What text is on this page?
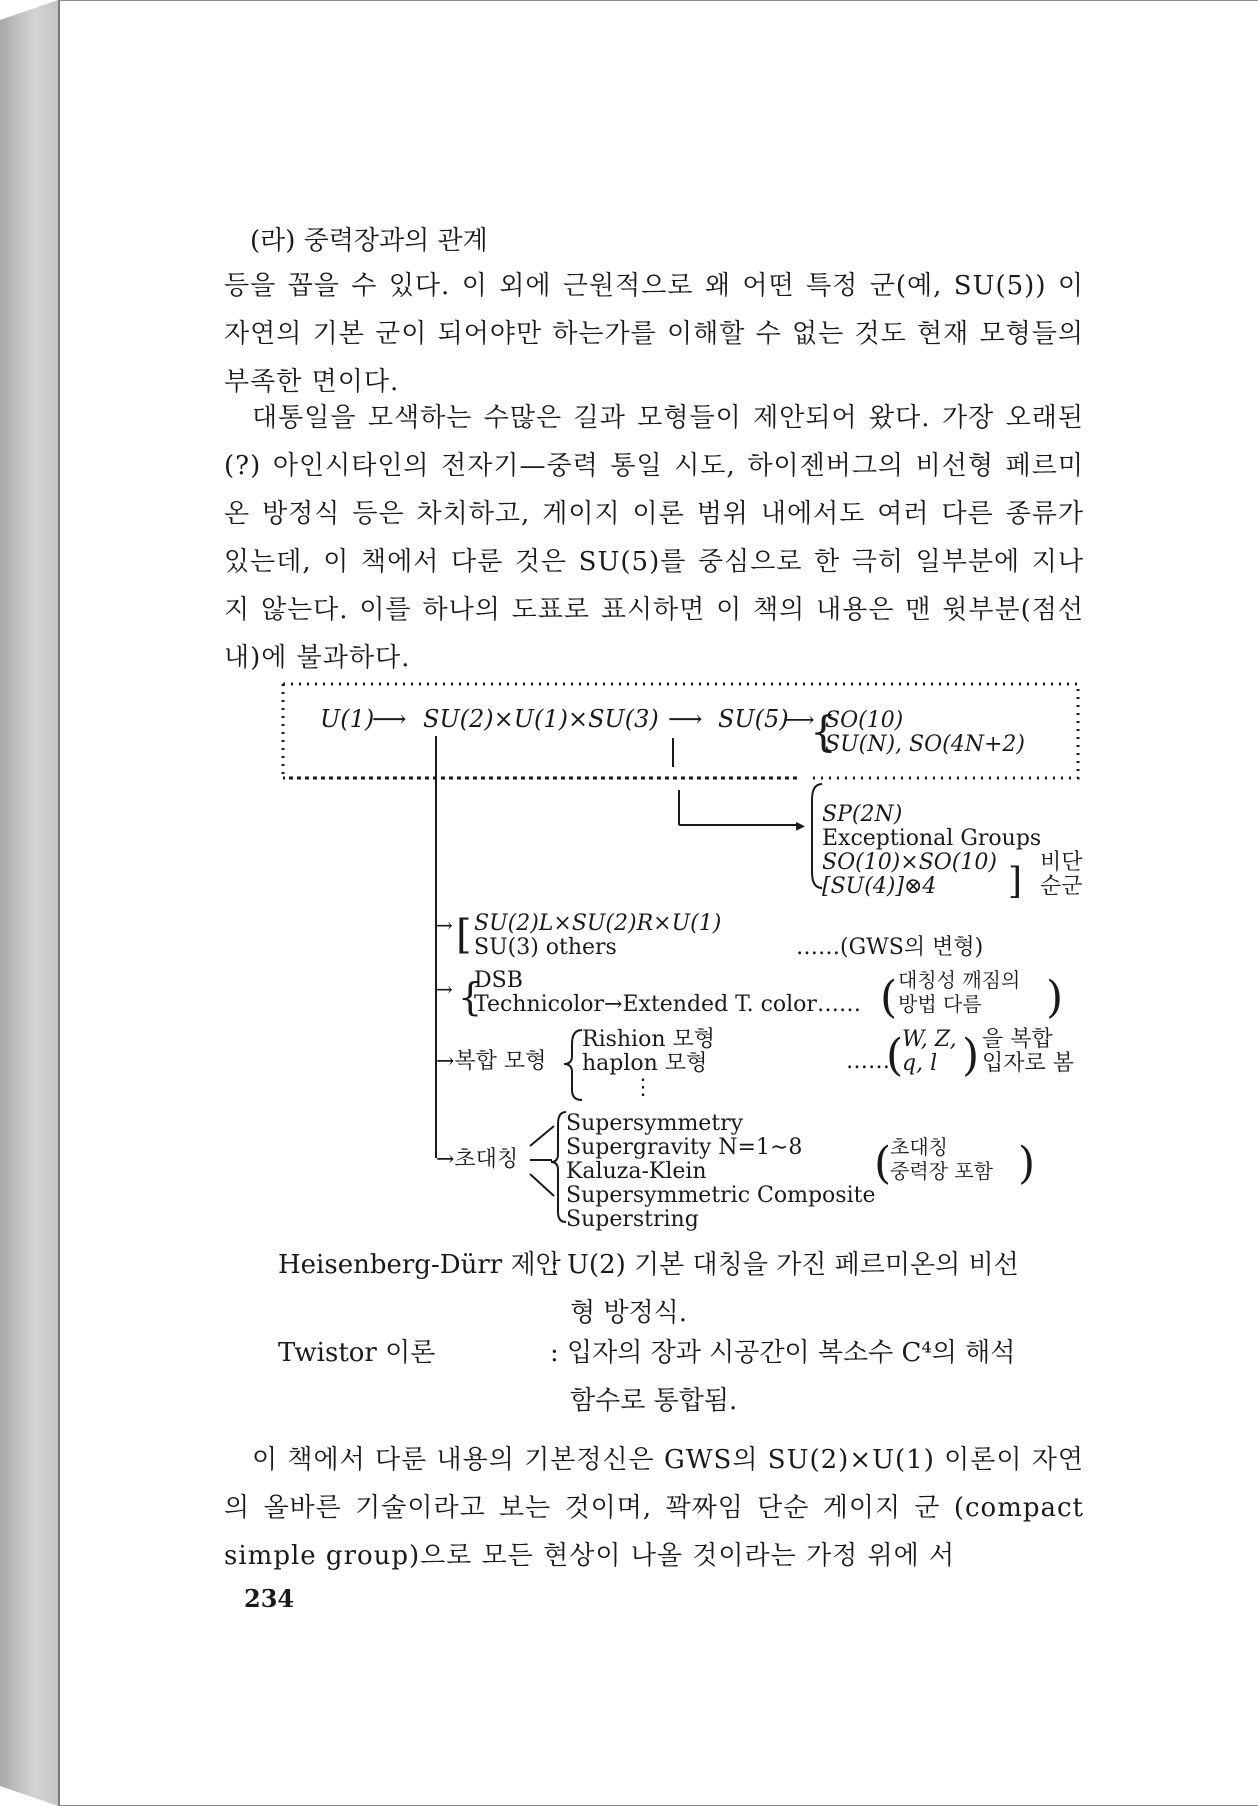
(라) 중력장과의 관계

등을 꼽을 수 있다. 이 외에 근원적으로 왜 어떤 특정 군(예, SU(5)) 이 자연의 기본 군이 되어야만 하는가를 이해할 수 없는 것도 현재 모형들의 부족한 면이다.

대통일을 모색하는 수많은 길과 모형들이 제안되어 왔다. 가장 오래된(?) 아인시타인의 전자기—중력 통일 시도, 하이젠버그의 비선형 페르미온 방정식 등은 차치하고, 게이지 이론 범위 내에서도 여러 다른 종류가 있는데, 이 책에서 다룬 것은 SU(5)를 중심으로 한 극히 일부분에 지나지 않는다. 이를 하나의 도표로 표시하면 이 책의 내용은 맨 윗부분(점선 내)에 불과하다.

U(1)
⟶ SU(2)×U(1)×SU(3) ⟶ SU(5)
⟶
{
SO(10)
SU(N), SO(4N+2)
▸ SP(2N)
Exceptional Groups
SO(10)×SO(10)
[SU(4)]⊗4 ] 비단
순군
→ [ SU(2)L×SU(2)R×U(1)
SU(3) others	……(GWS의 변형)
→ {
DSB
Technicolor→Extended T. color…… ( 대칭성 깨짐의
방법 다름 )
→복합 모형
Rishion 모형
haplon 모형
⋮
……
(
W, Z,
q, l ) 을 복합
입자로 봄
→초대칭
Supersymmetry
Supergravity N=1∼8
Kaluza-Klein
Supersymmetric Composite
Superstring
(
초대칭
중력장 포함 )
Heisenberg-Dürr 제안
: U(2) 기본 대칭을 가진 페르미온의 비선
형 방정식.
Twistor 이론	: 입자의 장과 시공간이 복소수 C⁴의 해석
함수로 통합됨.

이 책에서 다룬 내용의 기본정신은 GWS의 SU(2)×U(1) 이론이 자연의 올바른 기술이라고 보는 것이며, 꽉짜임 단순 게이지 군 (compact simple group)으로 모든 현상이 나올 것이라는 가정 위에 서

234
